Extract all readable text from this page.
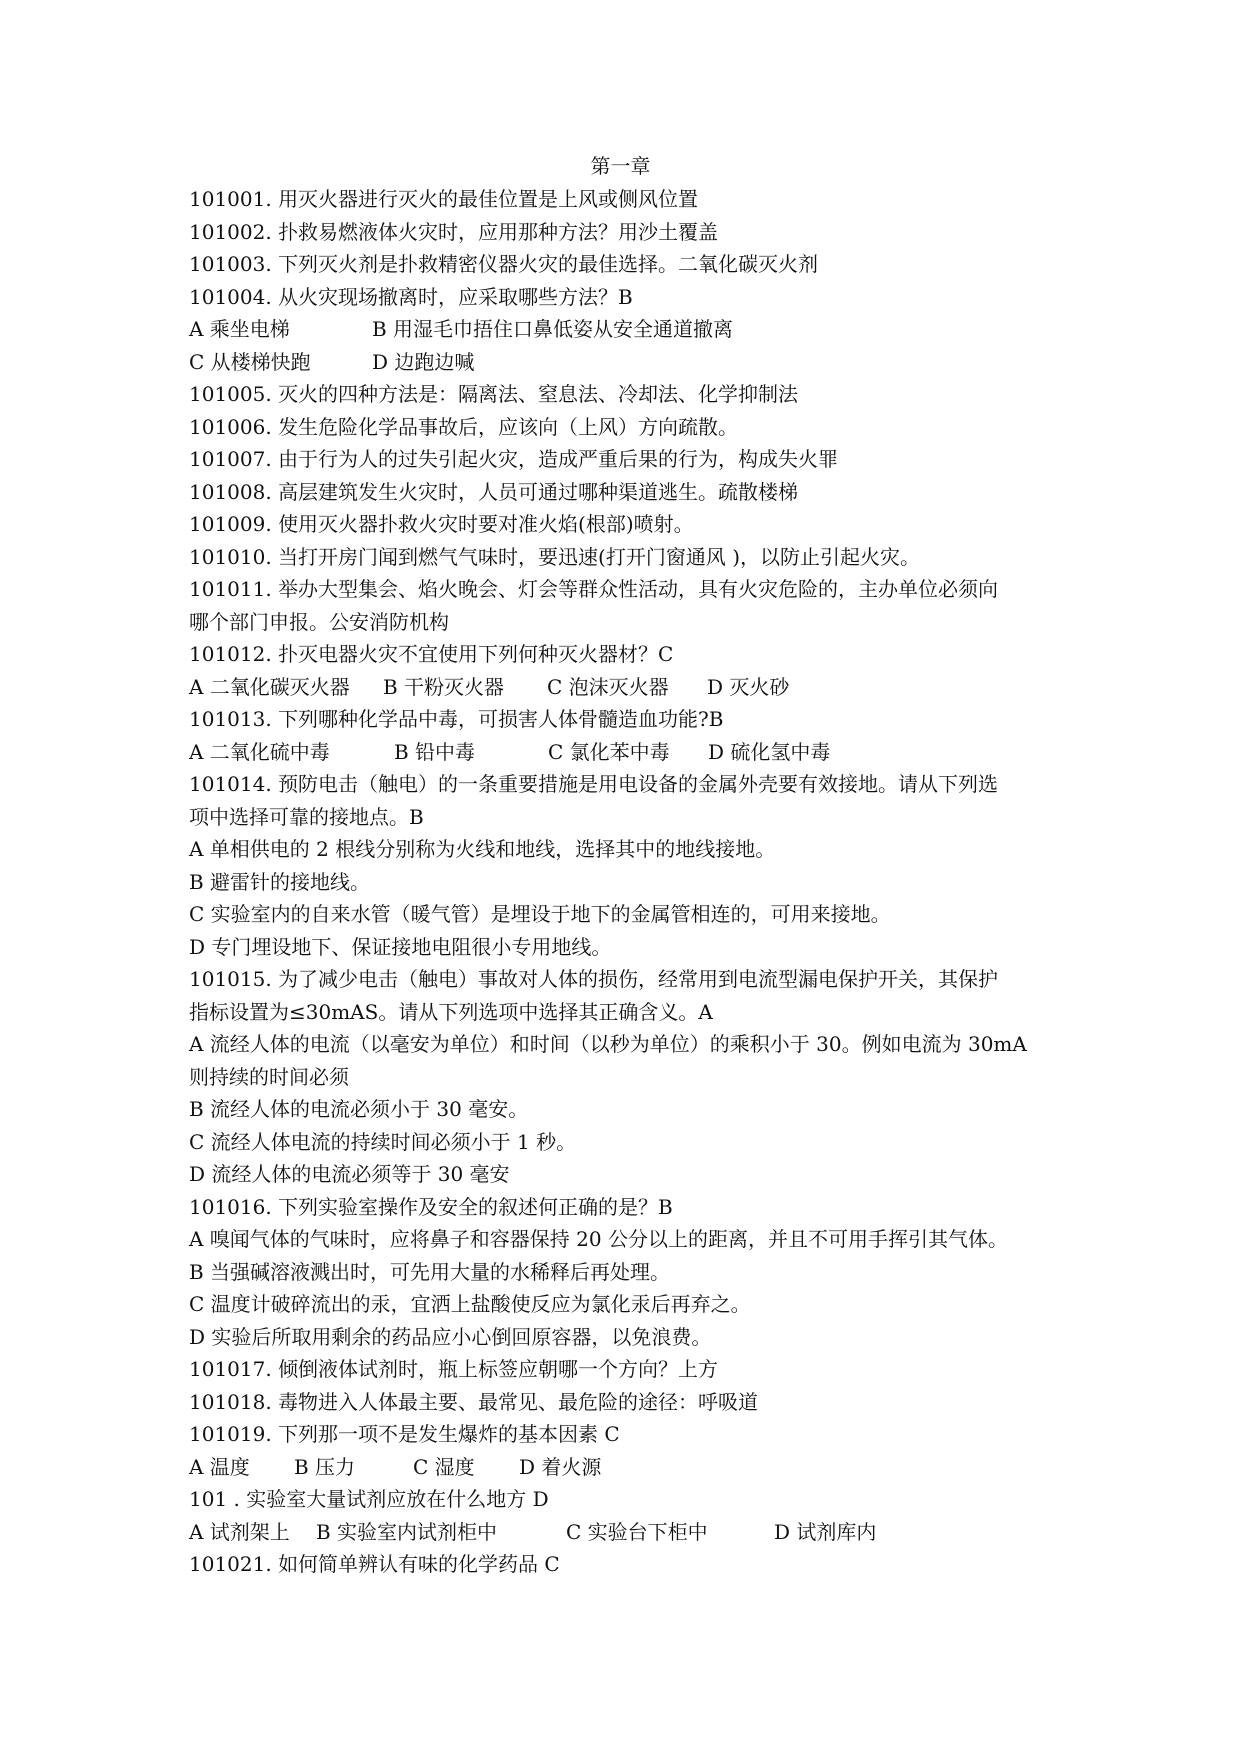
第一章
101001. 用灭火器进行灭火的最佳位置是上风或侧风位置
101002. 扑救易燃液体火灾时，应用那种方法？用沙土覆盖
101003. 下列灭火剂是扑救精密仪器火灾的最佳选择。二氧化碳灭火剂
101004. 从火灾现场撤离时，应采取哪些方法？B
A 乘坐电梯	B 用湿毛巾捂住口鼻低姿从安全通道撤离
C 从楼梯快跑	D 边跑边喊
101005. 灭火的四种方法是：隔离法、窒息法、冷却法、化学抑制法
101006. 发生危险化学品事故后，应该向（上风）方向疏散。
101007. 由于行为人的过失引起火灾，造成严重后果的行为，构成失火罪
101008. 高层建筑发生火灾时，人员可通过哪种渠道逃生。疏散楼梯
101009. 使用灭火器扑救火灾时要对准火焰(根部)喷射。
101010. 当打开房门闻到燃气气味时，要迅速(打开门窗通风 )，以防止引起火灾。
101011. 举办大型集会、焰火晚会、灯会等群众性活动，具有火灾危险的，主办单位必须向
哪个部门申报。公安消防机构
101012. 扑灭电器火灾不宜使用下列何种灭火器材？C
A 二氧化碳灭火器	B 干粉灭火器	C 泡沫灭火器	D 灭火砂
101013. 下列哪种化学品中毒，可损害人体骨髓造血功能?B
A 二氧化硫中毒	B 铅中毒	C 氯化苯中毒	D 硫化氢中毒
101014. 预防电击（触电）的一条重要措施是用电设备的金属外壳要有效接地。请从下列选
项中选择可靠的接地点。B
A 单相供电的 2 根线分别称为火线和地线，选择其中的地线接地。
B 避雷针的接地线。
C 实验室内的自来水管（暖气管）是埋设于地下的金属管相连的，可用来接地。
D 专门埋设地下、保证接地电阻很小专用地线。
101015. 为了减少电击（触电）事故对人体的损伤，经常用到电流型漏电保护开关，其保护
指标设置为≤30mAS。请从下列选项中选择其正确含义。A
A 流经人体的电流（以毫安为单位）和时间（以秒为单位）的乘积小于 30。例如电流为 30mA
则持续的时间必须
B 流经人体的电流必须小于 30 毫安。
C 流经人体电流的持续时间必须小于 1 秒。
D 流经人体的电流必须等于 30 毫安
101016. 下列实验室操作及安全的叙述何正确的是？B
A 嗅闻气体的气味时，应将鼻子和容器保持 20 公分以上的距离，并且不可用手挥引其气体。
B 当强碱溶液溅出时，可先用大量的水稀释后再处理。
C 温度计破碎流出的汞，宜洒上盐酸使反应为氯化汞后再弃之。
D 实验后所取用剩余的药品应小心倒回原容器，以免浪费。
101017. 倾倒液体试剂时，瓶上标签应朝哪一个方向？上方
101018. 毒物进入人体最主要、最常见、最危险的途径：呼吸道
101019. 下列那一项不是发生爆炸的基本因素 C
A 温度	B 压力	C 湿度	D 着火源
101 . 实验室大量试剂应放在什么地方 D
A 试剂架上	B 实验室内试剂柜中	C 实验台下柜中	D 试剂库内
101021. 如何简单辨认有味的化学药品 C
